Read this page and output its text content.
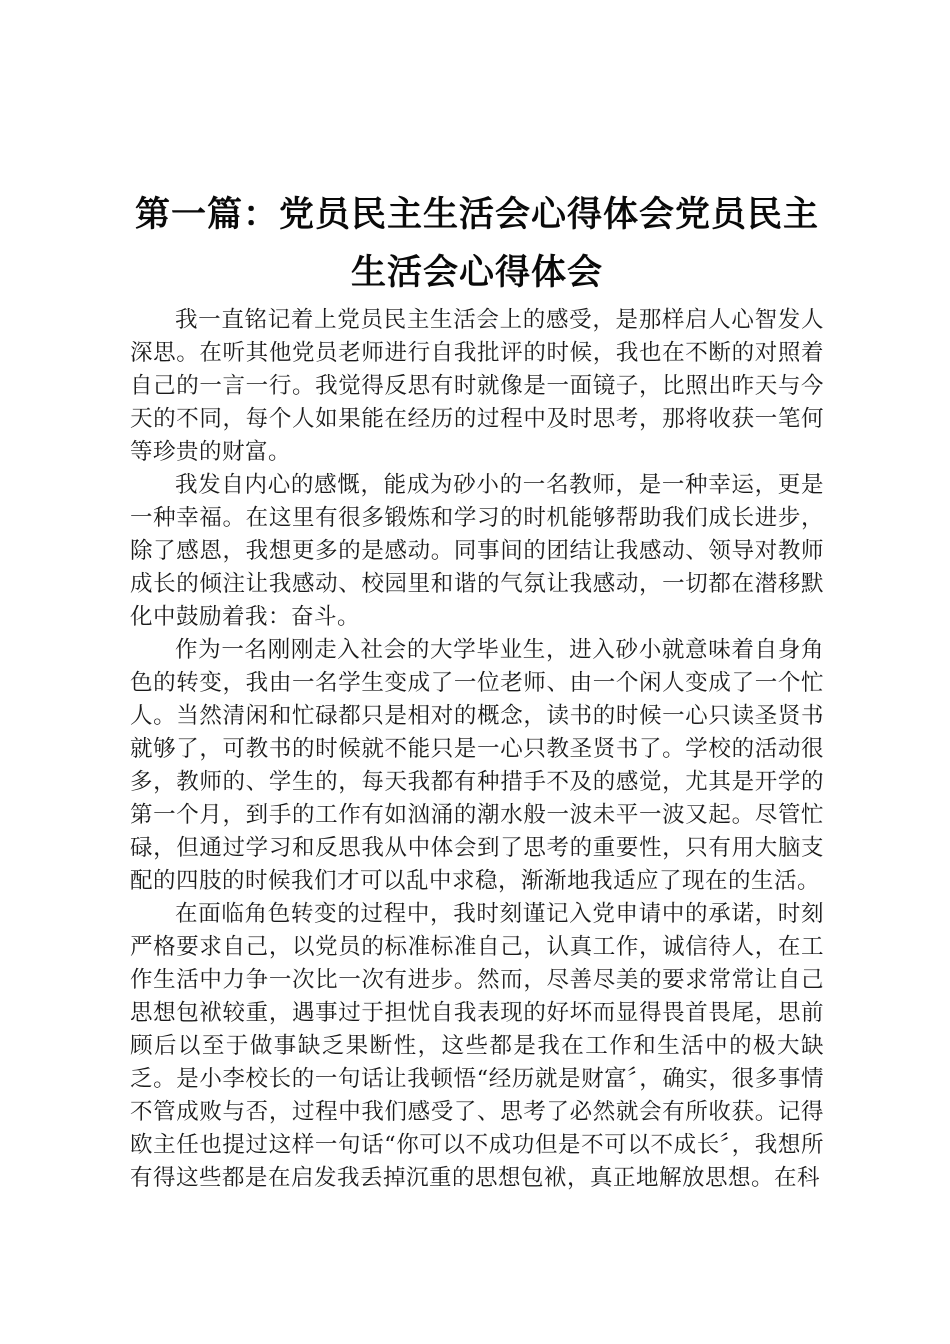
第一篇：党员民主生活会心得体会党员民主生活会心得体会

我一直铭记着上党员民主生活会上的感受，是那样启人心智发人深思。在听其他党员老师进行自我批评的时候，我也在不断的对照着自己的一言一行。我觉得反思有时就像是一面镜子，比照出昨天与今天的不同，每个人如果能在经历的过程中及时思考，那将收获一笔何等珍贵的财富。

我发自内心的感慨，能成为砂小的一名教师，是一种幸运，更是一种幸福。在这里有很多锻炼和学习的时机能够帮助我们成长进步，除了感恩，我想更多的是感动。同事间的团结让我感动、领导对教师成长的倾注让我感动、校园里和谐的气氛让我感动，一切都在潜移默化中鼓励着我：奋斗。

作为一名刚刚走入社会的大学毕业生，进入砂小就意味着自身角色的转变，我由一名学生变成了一位老师、由一个闲人变成了一个忙人。当然清闲和忙碌都只是相对的概念，读书的时候一心只读圣贤书就够了，可教书的时候就不能只是一心只教圣贤书了。学校的活动很多，教师的、学生的，每天我都有种措手不及的感觉，尤其是开学的第一个月，到手的工作有如汹涌的潮水般一波未平一波又起。尽管忙碌，但通过学习和反思我从中体会到了思考的重要性，只有用大脑支配的四肢的时候我们才可以乱中求稳，渐渐地我适应了现在的生活。

在面临角色转变的过程中，我时刻谨记入党申请中的承诺，时刻严格要求自己，以党员的标准标准自己，认真工作，诚信待人，在工作生活中力争一次比一次有进步。然而，尽善尽美的要求常常让自己思想包袱较重，遇事过于担忧自我表现的好坏而显得畏首畏尾，思前顾后以至于做事缺乏果断性，这些都是我在工作和生活中的极大缺乏。是小李校长的一句话让我顿悟“经历就是财富〞，确实，很多事情不管成败与否，过程中我们感受了、思考了必然就会有所收获。记得欧主任也提过这样一句话“你可以不成功但是不可以不成长〞，我想所有得这些都是在启发我丢掉沉重的思想包袱，真正地解放思想。在科
